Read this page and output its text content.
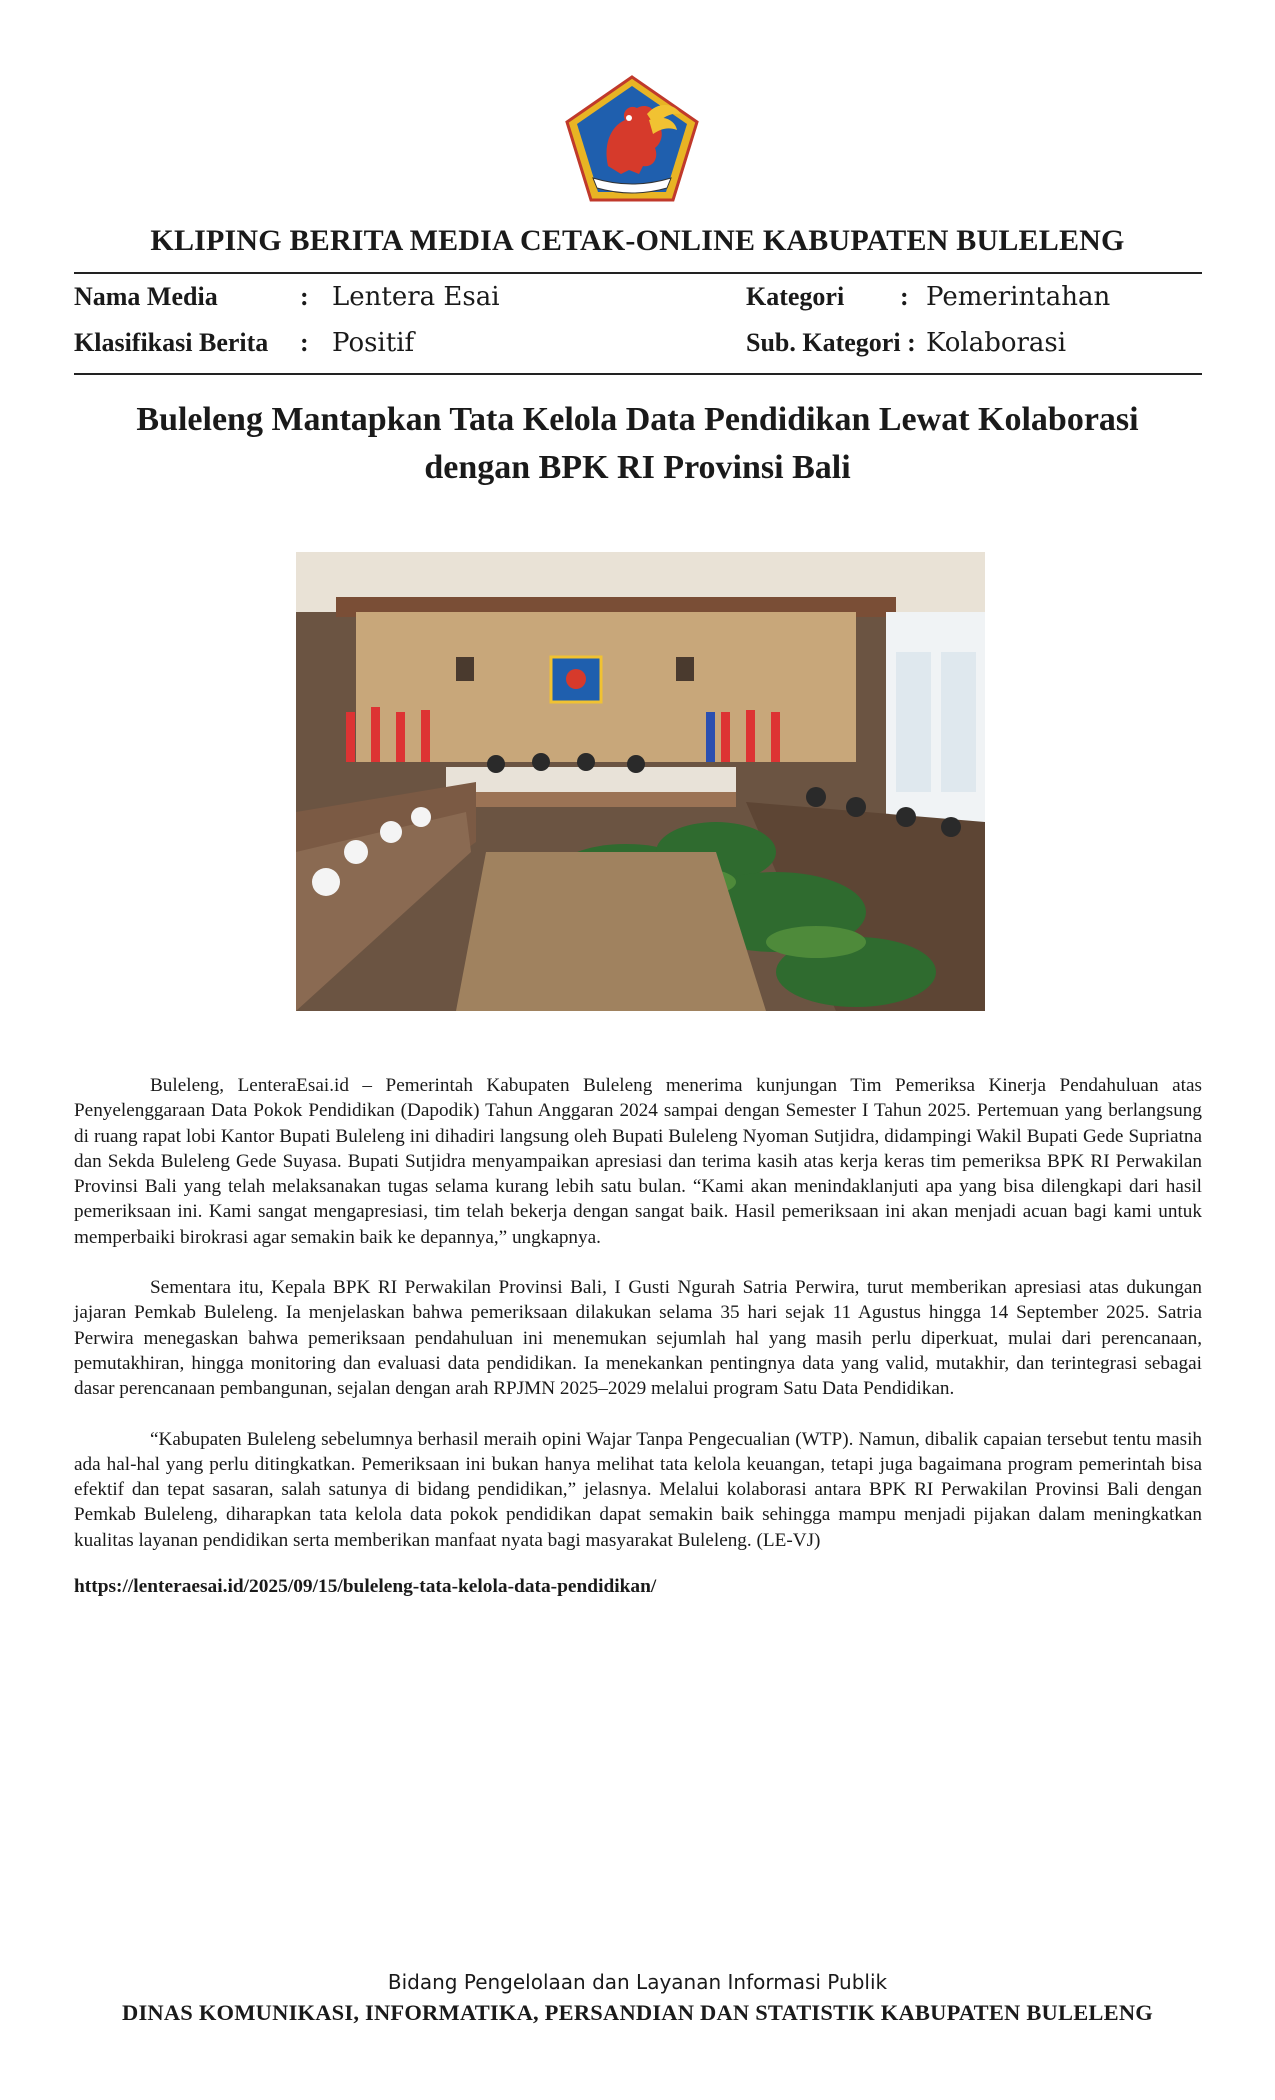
KLIPING BERITA MEDIA CETAK-ONLINE KABUPATEN BULELENG
Nama Media	: Lentera Esai	Kategori : Pemerintahan
Klasifikasi Berita : Positif	Sub. Kategori : Kolaborasi
Buleleng Mantapkan Tata Kelola Data Pendidikan Lewat Kolaborasi
dengan BPK RI Provinsi Bali

Buleleng, LenteraEsai.id – Pemerintah Kabupaten Buleleng menerima kunjungan Tim Pemeriksa Kinerja Pendahuluan atas Penyelenggaraan Data Pokok Pendidikan (Dapodik) Tahun Anggaran 2024 sampai dengan Semester I Tahun 2025. Pertemuan yang berlangsung di ruang rapat lobi Kantor Bupati Buleleng ini dihadiri langsung oleh Bupati Buleleng Nyoman Sutjidra, didampingi Wakil Bupati Gede Supriatna dan Sekda Buleleng Gede Suyasa. Bupati Sutjidra menyampaikan apresiasi dan terima kasih atas kerja keras tim pemeriksa BPK RI Perwakilan Provinsi Bali yang telah melaksanakan tugas selama kurang lebih satu bulan. “Kami akan menindaklanjuti apa yang bisa dilengkapi dari hasil pemeriksaan ini. Kami sangat mengapresiasi, tim telah bekerja dengan sangat baik. Hasil pemeriksaan ini akan menjadi acuan bagi kami untuk memperbaiki birokrasi agar semakin baik ke depannya,” ungkapnya.

Sementara itu, Kepala BPK RI Perwakilan Provinsi Bali, I Gusti Ngurah Satria Perwira, turut memberikan apresiasi atas dukungan jajaran Pemkab Buleleng. Ia menjelaskan bahwa pemeriksaan dilakukan selama 35 hari sejak 11 Agustus hingga 14 September 2025. Satria Perwira menegaskan bahwa pemeriksaan pendahuluan ini menemukan sejumlah hal yang masih perlu diperkuat, mulai dari perencanaan, pemutakhiran, hingga monitoring dan evaluasi data pendidikan. Ia menekankan pentingnya data yang valid, mutakhir, dan terintegrasi sebagai dasar perencanaan pembangunan, sejalan dengan arah RPJMN 2025–2029 melalui program Satu Data Pendidikan.

“Kabupaten Buleleng sebelumnya berhasil meraih opini Wajar Tanpa Pengecualian (WTP). Namun, dibalik capaian tersebut tentu masih ada hal-hal yang perlu ditingkatkan. Pemeriksaan ini bukan hanya melihat tata kelola keuangan, tetapi juga bagaimana program pemerintah bisa efektif dan tepat sasaran, salah satunya di bidang pendidikan,” jelasnya. Melalui kolaborasi antara BPK RI Perwakilan Provinsi Bali dengan Pemkab Buleleng, diharapkan tata kelola data pokok pendidikan dapat semakin baik sehingga mampu menjadi pijakan dalam meningkatkan kualitas layanan pendidikan serta memberikan manfaat nyata bagi masyarakat Buleleng. (LE-VJ)

https://lenteraesai.id/2025/09/15/buleleng-tata-kelola-data-pendidikan/
Bidang Pengelolaan dan Layanan Informasi Publik
DINAS KOMUNIKASI, INFORMATIKA, PERSANDIAN DAN STATISTIK KABUPATEN BULELENG
